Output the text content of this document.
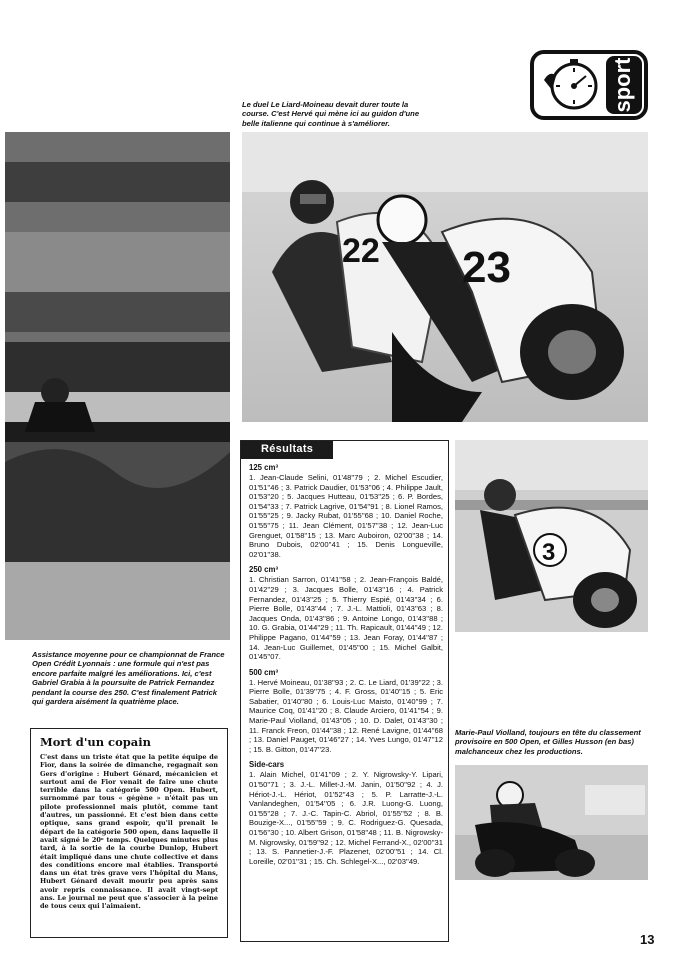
sport

Le duel Le Liard-Moineau devait durer toute la course. C'est Hervé qui mène ici au guidon d'une belle italienne qui continue à s'améliorer.

22 23

Assistance moyenne pour ce championnat de France Open Crédit Lyonnais : une formule qui n'est pas encore parfaite malgré les améliorations. Ici, c'est Gabriel Grabia à la poursuite de Patrick Fernandez pendant la course des 250. C'est finalement Patrick qui gardera aisément la quatrième place.

Mort d'un copain

C'est dans un triste état que la petite équipe de Fior, dans la soirée de dimanche, regagnait son Gers d'origine : Hubert Génard, mécanicien et surtout ami de Fior venait de faire une chute terrible dans la catégorie 500 Open. Hubert, surnommé par tous « gégène » n'était pas un pilote professionnel mais plutôt, comme tant d'autres, un passionné. Et c'est bien dans cette optique, sans grand espoir, qu'il prenait le départ de la catégorie 500 open, dans laquelle il avait signé le 20ᵉ temps. Quelques minutes plus tard, à la sortie de la courbe Dunlop, Hubert était impliqué dans une chute collective et dans des conditions encore mal établies. Transporté dans un état très grave vers l'hôpital du Mans, Hubert Génard devait mourir peu après sans avoir repris connaissance. Il avait vingt-sept ans. Le journal ne peut que s'associer à la peine de tous ceux qui l'aimaient.

Résultats

125 cm³

1. Jean-Claude Selini, 01'48''79 ; 2. Michel Escudier, 01'51''46 ; 3. Patrick Daudier, 01'53''06 ; 4. Philippe Jault, 01'53''20 ; 5. Jacques Hutteau, 01'53''25 ; 6. P. Bordes, 01'54''33 ; 7. Patrick Lagrive, 01'54''91 ; 8. Lionel Ramos, 01'55''25 ; 9. Jacky Rubat, 01'55''68 ; 10. Daniel Roche, 01'55''75 ; 11. Jean Clément, 01'57''38 ; 12. Jean-Luc Grenguet, 01'58''15 ; 13. Marc Auboiron, 02'00''38 ; 14. Bruno Dubois, 02'00''41 ; 15. Denis Longueville, 02'01''38.

250 cm³

1. Christian Sarron, 01'41''58 ; 2. Jean-François Baldé, 01'42''29 ; 3. Jacques Bolle, 01'43''16 ; 4. Patrick Fernandez, 01'43''25 ; 5. Thierry Espié, 01'43''34 ; 6. Pierre Bolle, 01'43''44 ; 7. J.-L. Mattioli, 01'43''63 ; 8. Jacques Onda, 01'43''86 ; 9. Antoine Longo, 01'43''88 ; 10. G. Grabia, 01'44''29 ; 11. Th. Rapicault, 01'44''49 ; 12. Philippe Pagano, 01'44''59 ; 13. Jean Foray, 01'44''87 ; 14. Jean-Luc Guillemet, 01'45''00 ; 15. Michel Galbit, 01'45''07.

500 cm³

1. Hervé Moineau, 01'38''93 ; 2. C. Le Liard, 01'39''22 ; 3. Pierre Bolle, 01'39''75 ; 4. F. Gross, 01'40''15 ; 5. Eric Sabatier, 01'40''80 ; 6. Louis-Luc Maisto, 01'40''99 ; 7. Maurice Coq, 01'41''20 ; 8. Claude Arciero, 01'41''54 ; 9. Marie-Paul Violland, 01'43''05 ; 10. D. Dalet, 01'43''30 ; 11. Franck Freon, 01'44''38 ; 12. René Lavigne, 01'44''68 ; 13. Daniel Pauget, 01'46''27 ; 14. Yves Lungo, 01'47''12 ; 15. B. Gitton, 01'47''23.

Side-cars

1. Alain Michel, 01'41''09 ; 2. Y. Nigrowsky-Y. Lipari, 01'50''71 ; 3. J.-L. Millet-J.-M. Janin, 01'50''92 ; 4. J. Hériot-J.-L. Hériot, 01'52''43 ; 5. P. Larratte-J.-L. Vanlandeghen, 01'54''05 ; 6. J.R. Luong-G. Luong, 01'55''28 ; 7. J.-C. Tapin-C. Abriol, 01'55''52 ; 8. B. Bouzige-X..., 01'55''59 ; 9. C. Rodriguez-G. Quesada, 01'56''30 ; 10. Albert Grison, 01'58''48 ; 11. B. Nigrowsky-M. Nigrowsky, 01'59''92 ; 12. Michel Ferrand-X., 02'00''31 ; 13. S. Pannetier-J.-F. Plazenet, 02'00''51 ; 14. Cl. Loreille, 02'01''31 ; 15. Ch. Schlegel-X..., 02'03''49.

3

Marie-Paul Violland, toujours en tête du classement provisoire en 500 Open, et Gilles Husson (en bas) malchanceux chez les productions.

13
